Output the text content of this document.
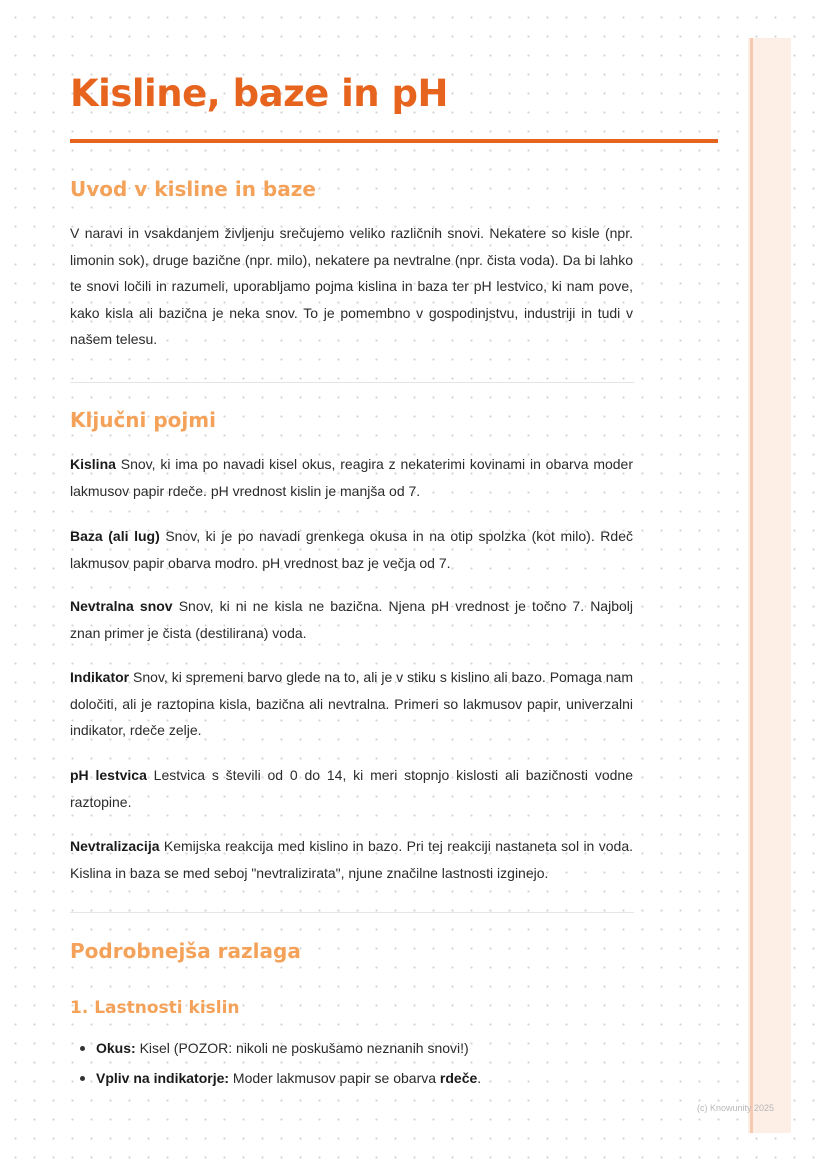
Kisline, baze in pH
Uvod v kisline in baze

V naravi in vsakdanjem življenju srečujemo veliko različnih snovi. Nekatere so kisle (npr. limonin sok), druge bazične (npr. milo), nekatere pa nevtralne (npr. čista voda). Da bi lahko te snovi ločili in razumeli, uporabljamo pojma kislina in baza ter pH lestvico, ki nam pove, kako kisla ali bazična je neka snov. To je pomembno v gospodinjstvu, industriji in tudi v našem telesu.

Ključni pojmi

Kislina Snov, ki ima po navadi kisel okus, reagira z nekaterimi kovinami in obarva moder lakmusov papir rdeče. pH vrednost kislin je manjša od 7.

Baza (ali lug) Snov, ki je po navadi grenkega okusa in na otip spolzka (kot milo). Rdeč lakmusov papir obarva modro. pH vrednost baz je večja od 7.

Nevtralna snov Snov, ki ni ne kisla ne bazična. Njena pH vrednost je točno 7. Najbolj znan primer je čista (destilirana) voda.

Indikator Snov, ki spremeni barvo glede na to, ali je v stiku s kislino ali bazo. Pomaga nam določiti, ali je raztopina kisla, bazična ali nevtralna. Primeri so lakmusov papir, univerzalni indikator, rdeče zelje.

pH lestvica Lestvica s števili od 0 do 14, ki meri stopnjo kislosti ali bazičnosti vodne raztopine.

Nevtralizacija Kemijska reakcija med kislino in bazo. Pri tej reakciji nastaneta sol in voda. Kislina in baza se med seboj "nevtralizirata", njune značilne lastnosti izginejo.

Podrobnejša razlaga
1. Lastnosti kislin
Okus: Kisel (POZOR: nikoli ne poskušamo neznanih snovi!)
Vpliv na indikatorje: Moder lakmusov papir se obarva rdeče.
(c) Knowunity 2025
